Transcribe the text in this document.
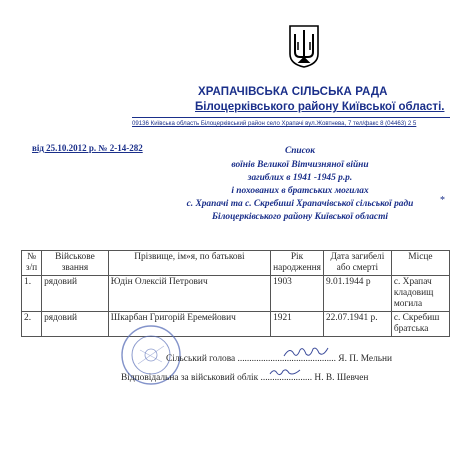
ХРАПАЧІВСЬКА СІЛЬСЬКА РАДА
Білоцерківського району Київської області.
09136 Київська область Білоцерківський район село Храпачі вул.Жовтнева, 7 тел/факс 8 (04463) 2 5
від 25.10.2012 р. № 2-14-282	Список
воїнів Великої Вітчизняної війни
загиблих в 1941 -1945 р.р.
і похованих в братських могилах
с. Храпачі та с. Скребиші Храпачівської сільської ради
Білоцерківського району Київської області
*
№
з/п	Військове
звання	Прізвище, ім»я, по батькові	Рік
народження	Дата загибелі
або смерті	Місце
1.	рядовий	Юдін Олексій Петрович	1903	9.01.1944 р	с. Храпач
кладовищ
могила
2.	рядовий	Шкарбан Григорій Еремейович	1921	22.07.1941 р.	с. Скребиш
братська
Сільський голова .......................................... Я. П. Мельни
Відповідальна за військовий облік ...................... Н. В. Шевчен
